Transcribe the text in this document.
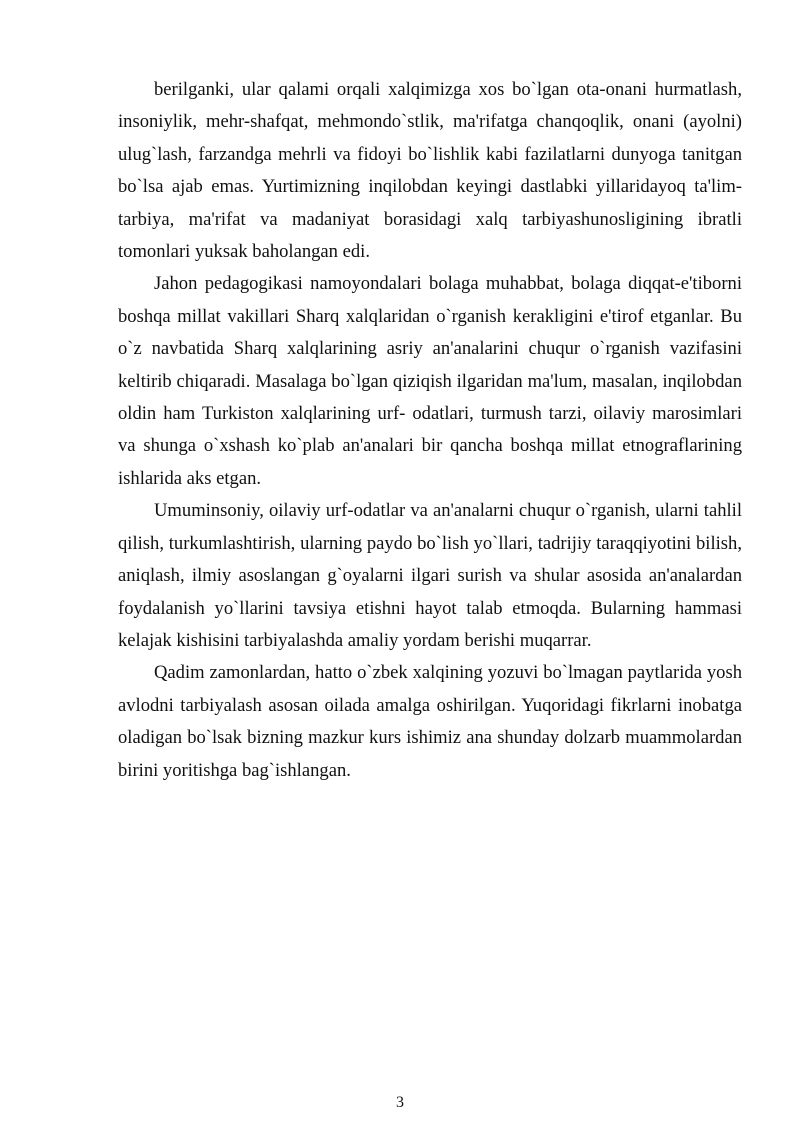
berilganki, ular qalami orqali xalqimizga xos bo`lgan ota-onani hurmatlash, insoniylik, mehr-shafqat, mehmondo`stlik, ma'rifatga chanqoqlik, onani (ayolni) ulug`lash, farzandga mehrli va fidoyi bo`lishlik kabi fazilatlarni dunyoga tanitgan bo`lsa ajab emas. Yurtimizning inqilobdan keyingi dastlabki yillaridayoq ta'lim-tarbiya, ma'rifat va madaniyat borasidagi xalq tarbiyashunosligining ibratli tomonlari yuksak baholangan edi.

Jahon pedagogikasi namoyondalari bolaga muhabbat, bolaga diqqat-e'tiborni boshqa millat vakillari Sharq xalqlaridan o`rganish kerakligini e'tirof etganlar. Bu o`z navbatida Sharq xalqlarining asriy an'analarini chuqur o`rganish vazifasini keltirib chiqaradi. Masalaga bo`lgan qiziqish ilgaridan ma'lum, masalan, inqilobdan oldin ham Turkiston xalqlarining urf- odatlari, turmush tarzi, oilaviy marosimlari va shunga o`xshash ko`plab an'analari bir qancha boshqa millat etnograflarining ishlarida aks etgan.

Umuminsoniy, oilaviy urf-odatlar va an'analarni chuqur o`rganish, ularni tahlil qilish, turkumlashtirish, ularning paydo bo`lish yo`llari, tadrijiy taraqqiyotini bilish, aniqlash, ilmiy asoslangan g`oyalarni ilgari surish va shular asosida an'analardan foydalanish yo`llarini tavsiya etishni hayot talab etmoqda. Bularning hammasi kelajak kishisini tarbiyalashda amaliy yordam berishi muqarrar.

Qadim zamonlardan, hatto o`zbek xalqining yozuvi bo`lmagan paytlarida yosh avlodni tarbiyalash asosan oilada amalga oshirilgan. Yuqoridagi fikrlarni inobatga oladigan bo`lsak bizning mazkur kurs ishimiz ana shunday dolzarb muammolardan birini yoritishga bag`ishlangan.

3
